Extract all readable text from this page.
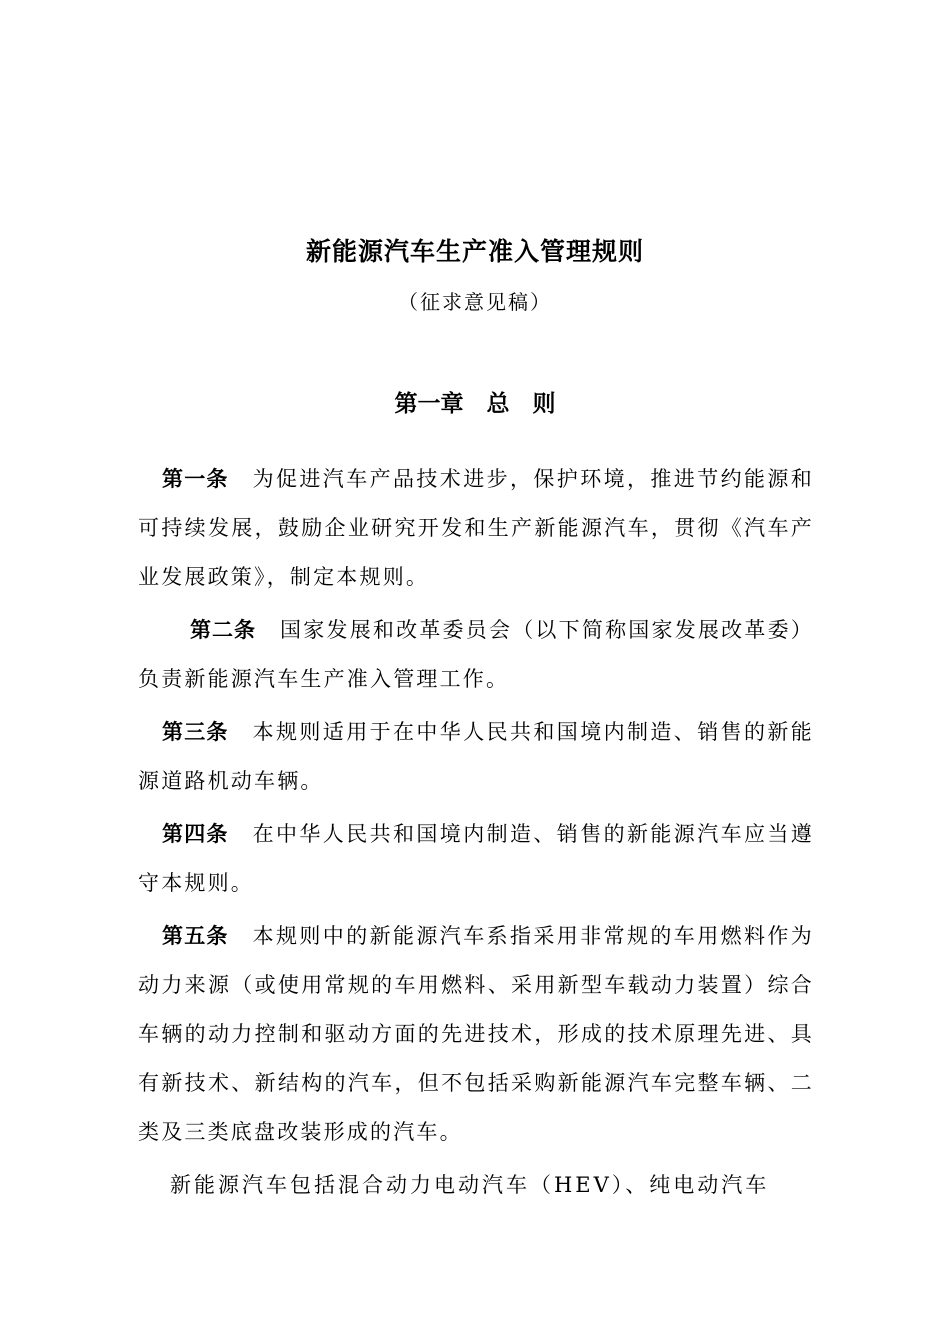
新能源汽车生产准入管理规则
（征求意见稿）
第一章　总　则

第一条 为促进汽车产品技术进步，保护环境，推进节约能源和可持续发展，鼓励企业研究开发和生产新能源汽车，贯彻《汽车产业发展政策》，制定本规则。

第二条 国家发展和改革委员会（以下简称国家发展改革委）负责新能源汽车生产准入管理工作。

第三条 本规则适用于在中华人民共和国境内制造、销售的新能源道路机动车辆。

第四条 在中华人民共和国境内制造、销售的新能源汽车应当遵守本规则。

第五条 本规则中的新能源汽车系指采用非常规的车用燃料作为动力来源（或使用常规的车用燃料、采用新型车载动力装置）综合车辆的动力控制和驱动方面的先进技术，形成的技术原理先进、具有新技术、新结构的汽车，但不包括采购新能源汽车完整车辆、二类及三类底盘改装形成的汽车。

新能源汽车包括混合动力电动汽车（HEV）、纯电动汽车
